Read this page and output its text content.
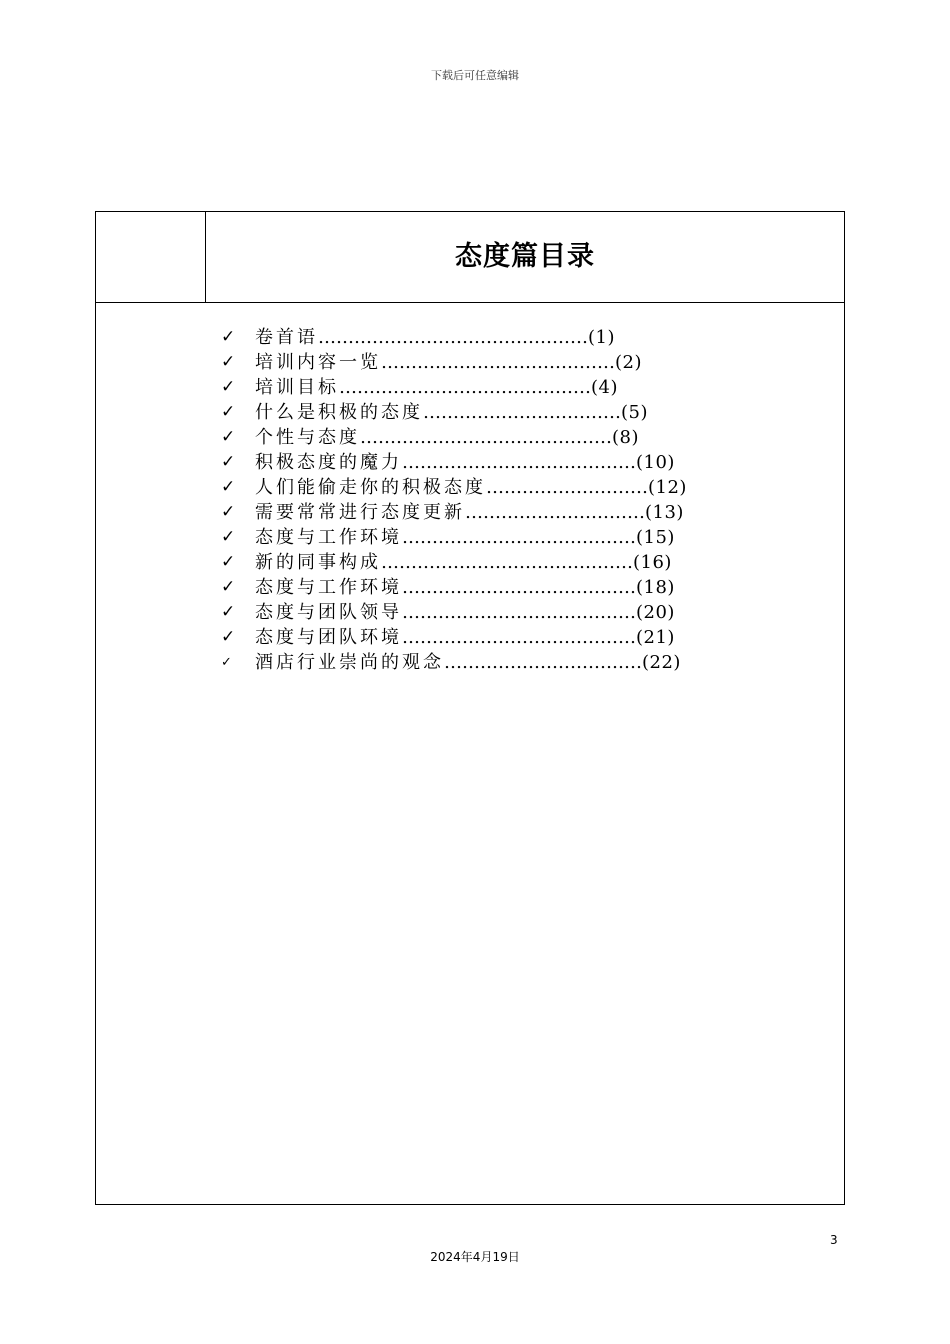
下载后可任意编辑
态度篇目录
✓	卷首语 ……………………………………… (1)
✓	培训内容一览 ………………………………… (2)
✓	培训目标 …………………………………… (4)
✓	什么是积极的态度 …………………………… (5)
✓	个性与态度 …………………………………… (8)
✓	积极态度的魔力 ………………………………… (10)
✓	人们能偷走你的积极态度 ……………………… (12)
✓	需要常常进行态度更新 ………………………… (13)
✓	态度与工作环境 ………………………………… (15)
✓	新的同事构成 …………………………………… (16)
✓	态度与工作环境 ………………………………… (18)
✓	态度与团队领导 ………………………………… (20)
✓	态度与团队环境 ………………………………… (21)
✓	酒店行业崇尚的观念 …………………………… (22)
3
2024年4月19日
